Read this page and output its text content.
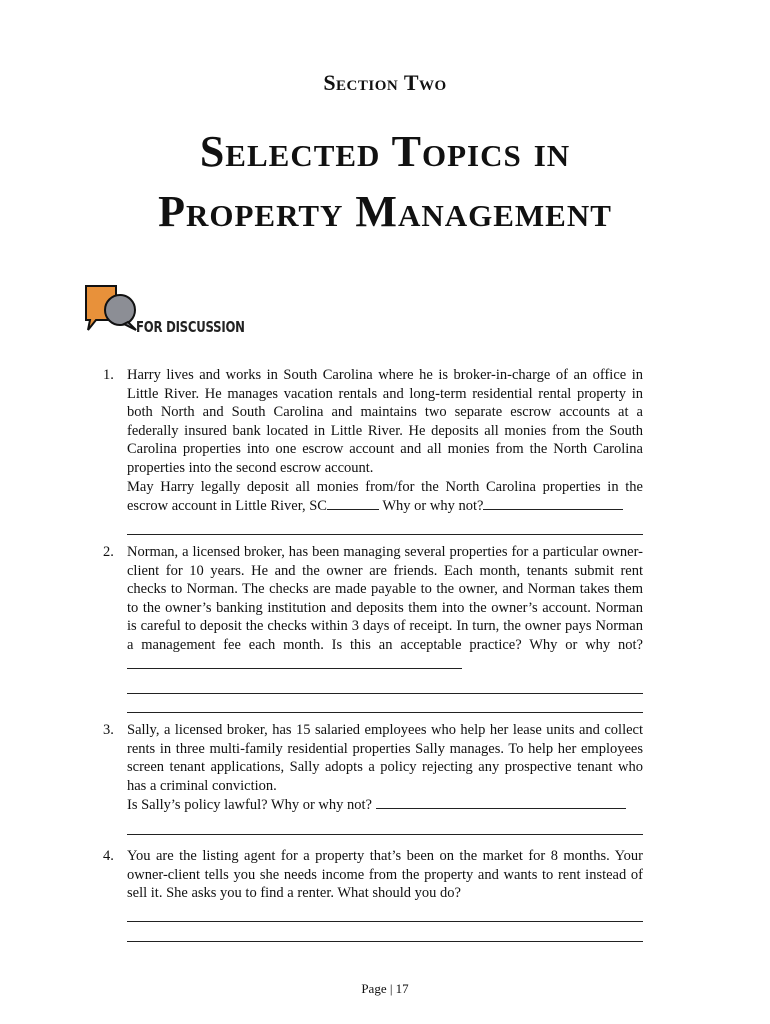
Section Two
Selected Topics in
Property Management
FOR DISCUSSION
1. Harry lives and works in South Carolina where he is broker-in-charge of an office in Little River. He manages vacation rentals and long-term residential rental property in both North and South Carolina and maintains two separate escrow accounts at a federally insured bank located in Little River. He deposits all monies from the South Carolina properties into one escrow account and all monies from the North Carolina properties into the second escrow account.

May Harry legally deposit all monies from/for the North Carolina properties in the escrow account in Little River, SC	Why or why not?

2. Norman, a licensed broker, has been managing several properties for a particular owner-client for 10 years. He and the owner are friends. Each month, tenants submit rent checks to Norman. The checks are made payable to the owner, and Norman takes them to the owner’s banking institution and deposits them into the owner’s account. Norman is careful to deposit the checks within 3 days of receipt. In turn, the owner pays Norman a management fee each month. Is this an acceptable practice? Why or why not?

3. Sally, a licensed broker, has 15 salaried employees who help her lease units and collect rents in three multi-family residential properties Sally manages. To help her employees screen tenant applications, Sally adopts a policy rejecting any prospective tenant who has a criminal conviction.

Is Sally’s policy lawful? Why or why not?

4. You are the listing agent for a property that’s been on the market for 8 months. Your owner-client tells you she needs income from the property and wants to rent instead of sell it. She asks you to find a renter. What should you do?

Page | 17
